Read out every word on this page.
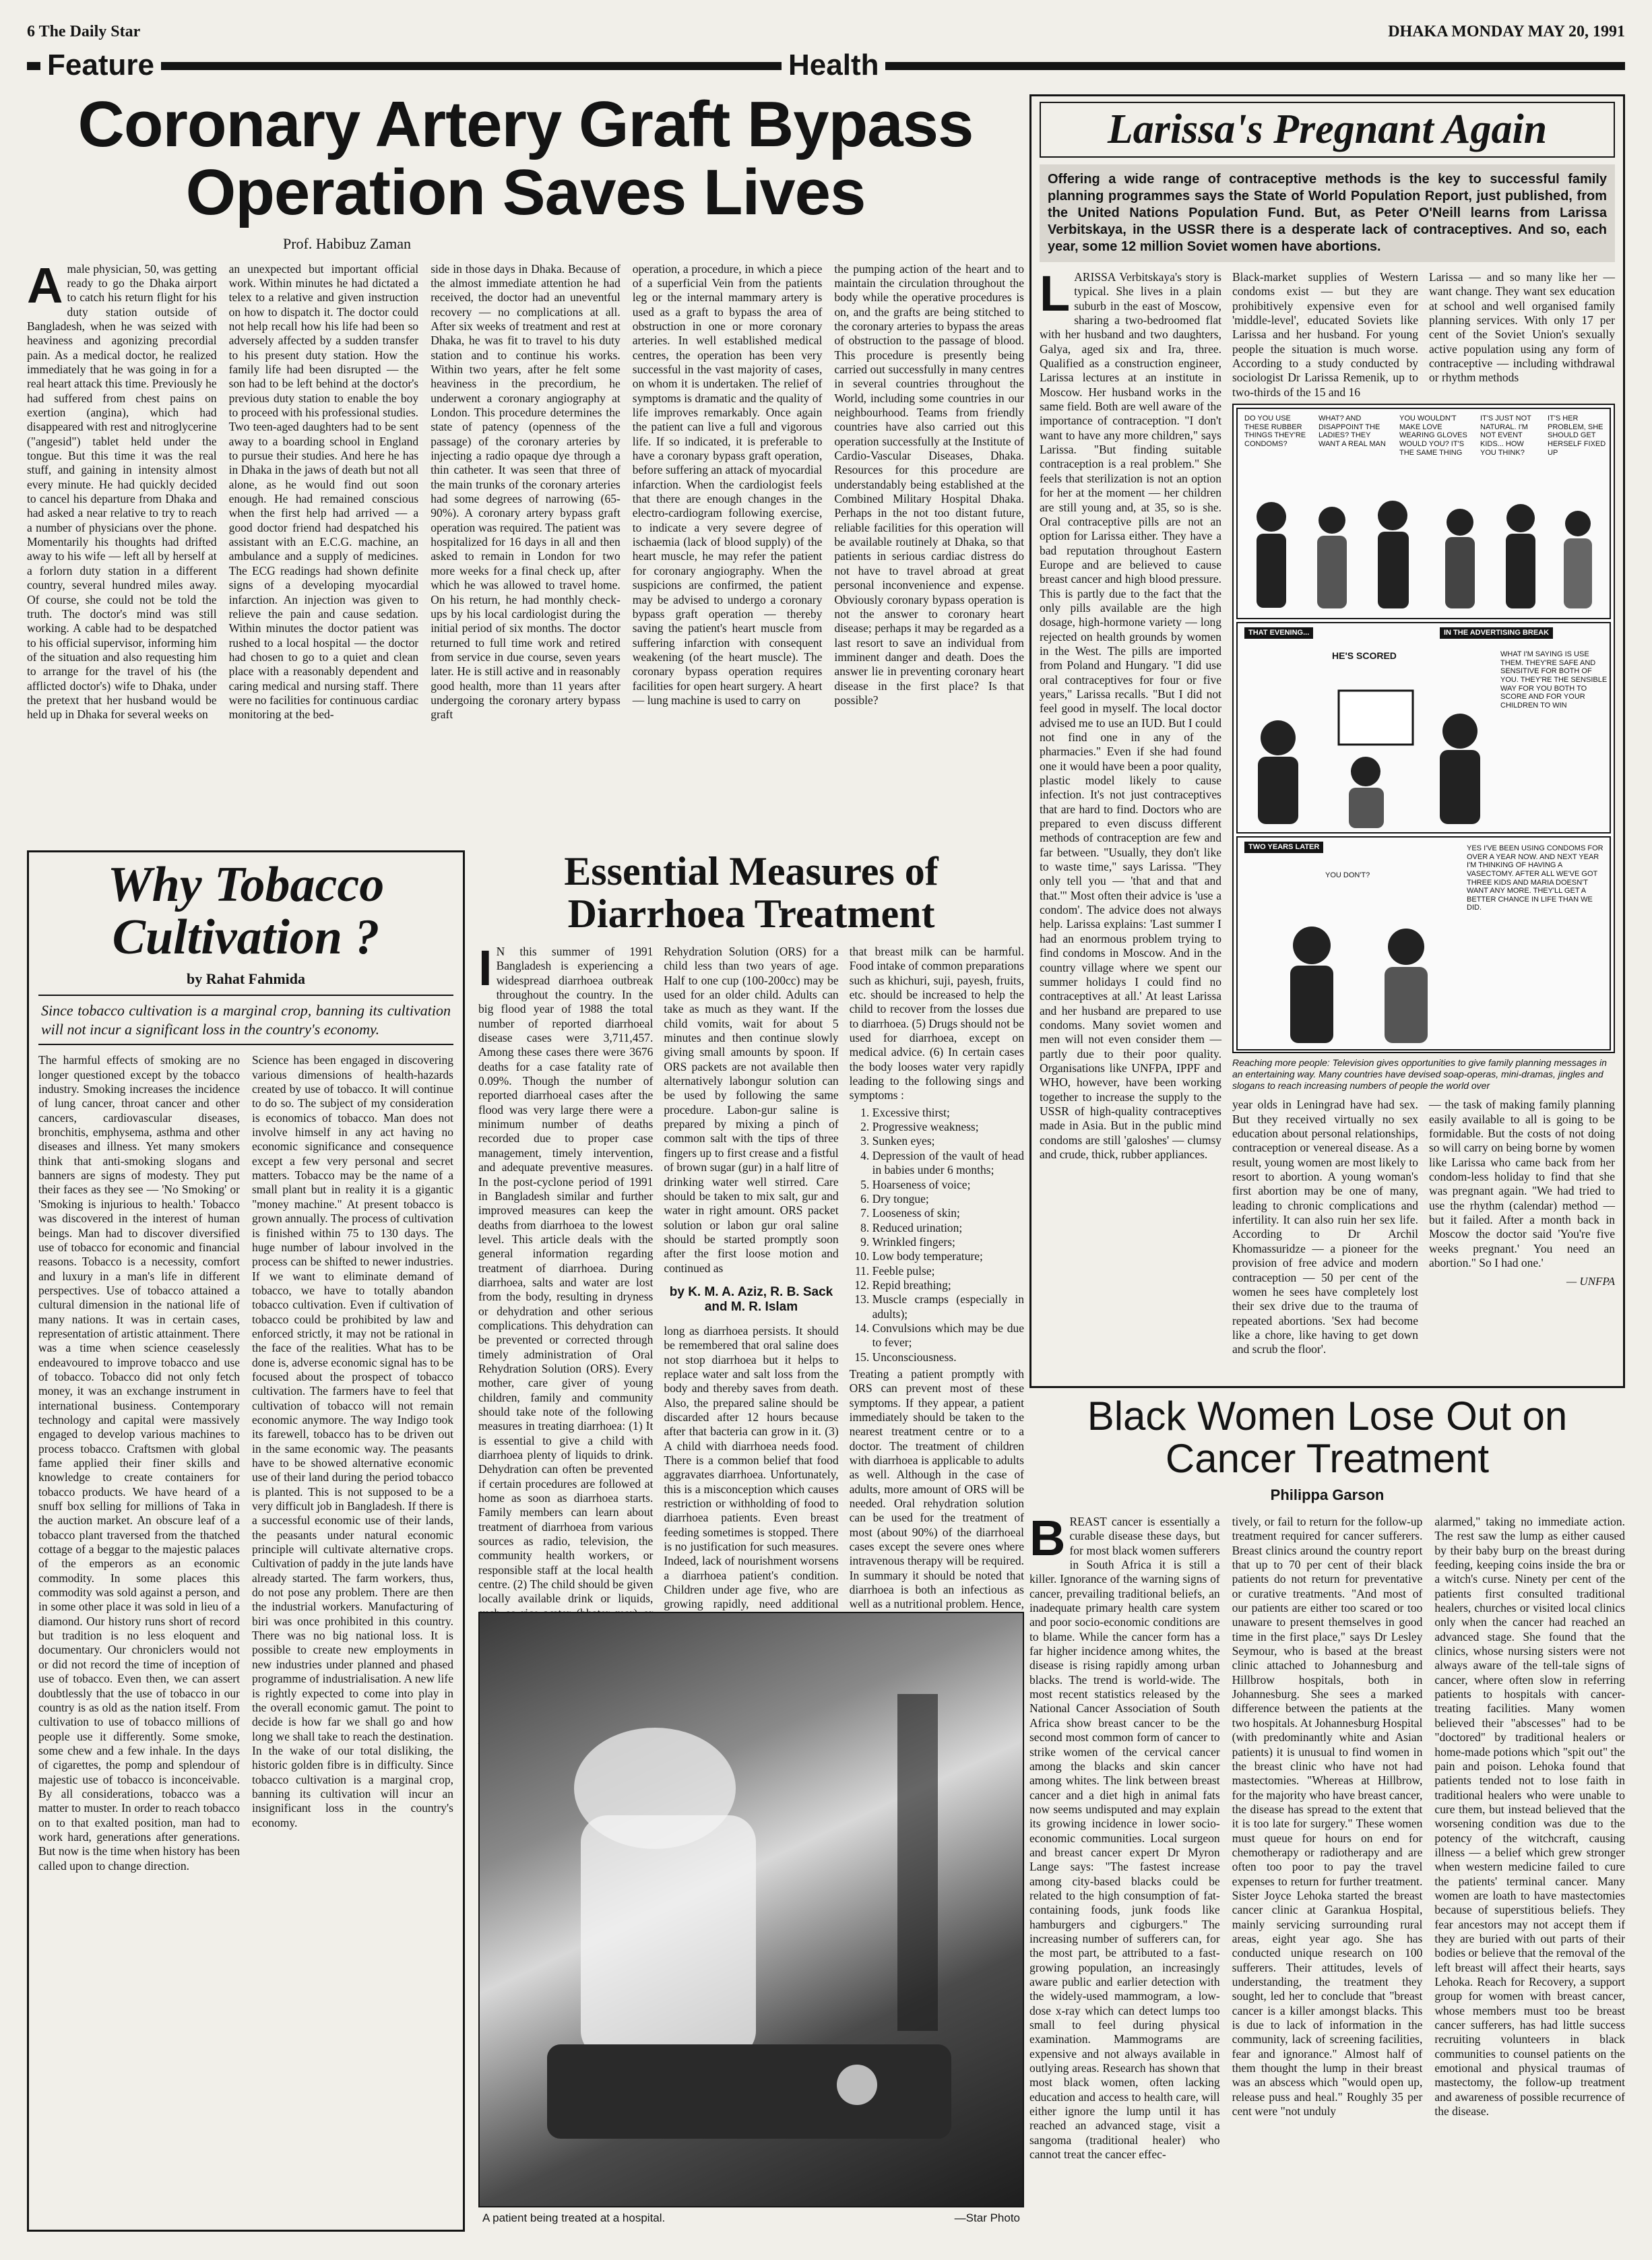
6 The Daily Star	DHAKA MONDAY MAY 20, 1991
Feature	Health
Coronary Artery Graft Bypass
Operation Saves Lives
Prof. Habibuz Zaman
Amale physician, 50, was getting ready to go the Dhaka airport to catch his return flight for his duty station outside of Bangladesh, when he was seized with heaviness and agonizing precordial pain. As a medical doctor, he realized immediately that he was going in for a real heart attack this time. Previously he had suffered from chest pains on exertion (angina), which had disappeared with rest and nitroglycerine ("angesid") tablet held under the tongue. But this time it was the real stuff, and gaining in intensity almost every minute. He had quickly decided to cancel his departure from Dhaka and had asked a near relative to try to reach a number of physicians over the phone. Momentarily his thoughts had drifted away to his wife — left all by herself at a forlorn duty station in a different country, several hundred miles away. Of course, she could not be told the truth. The doctor's mind was still working. A cable had to be despatched to his official supervisor, informing him of the situation and also requesting him to arrange for the travel of his (the afflicted doctor's) wife to Dhaka, under the pretext that her husband would be held up in Dhaka for several weeks on
an unexpected but important official work. Within minutes he had dictated a telex to a relative and given instruction on how to dispatch it. The doctor could not help recall how his life had been so adversely affected by a sudden transfer to his present duty station. How the family life had been disrupted — the son had to be left behind at the doctor's previous duty station to enable the boy to proceed with his professional studies. Two teen-aged daughters had to be sent away to a boarding school in England to pursue their studies. And here he has in Dhaka in the jaws of death but not all alone, as he would find out soon enough. He had remained conscious when the first help had arrived — a good doctor friend had despatched his assistant with an E.C.G. machine, an ambulance and a supply of medicines. The ECG readings had shown definite signs of a developing myocardial infarction. An injection was given to relieve the pain and cause sedation. Within minutes the doctor patient was rushed to a local hospital — the doctor had chosen to go to a quiet and clean place with a reasonably dependent and caring medical and nursing staff. There were no facilities for continuous cardiac monitoring at the bed-
side in those days in Dhaka. Because of the almost immediate attention he had received, the doctor had an uneventful recovery — no complications at all. After six weeks of treatment and rest at Dhaka, he was fit to travel to his duty station and to continue his works. Within two years, after he felt some heaviness in the precordium, he underwent a coronary angiography at London. This procedure determines the state of patency (openness of the passage) of the coronary arteries by injecting a radio opaque dye through a thin catheter. It was seen that three of the main trunks of the coronary arteries had some degrees of narrowing (65-90%). A coronary artery bypass graft operation was required. The patient was hospitalized for 16 days in all and then asked to remain in London for two more weeks for a final check up, after which he was allowed to travel home. On his return, he had monthly check-ups by his local cardiologist during the initial period of six months. The doctor returned to full time work and retired from service in due course, seven years later. He is still active and in reasonably good health, more than 11 years after undergoing the coronary artery bypass graft
operation, a procedure, in which a piece of a superficial Vein from the patients leg or the internal mammary artery is used as a graft to bypass the area of obstruction in one or more coronary arteries. In well established medical centres, the operation has been very successful in the vast majority of cases, on whom it is undertaken. The relief of symptoms is dramatic and the quality of life improves remarkably. Once again the patient can live a full and vigorous life. If so indicated, it is preferable to have a coronary bypass graft operation, before suffering an attack of myocardial infarction. When the cardiologist feels that there are enough changes in the electro-cardiogram following exercise, to indicate a very severe degree of ischaemia (lack of blood supply) of the heart muscle, he may refer the patient for coronary angiography. When the suspicions are confirmed, the patient may be advised to undergo a coronary bypass graft operation — thereby saving the patient's heart muscle from suffering infarction with consequent weakening (of the heart muscle). The coronary bypass operation requires facilities for open heart surgery. A heart — lung machine is used to carry on
the pumping action of the heart and to maintain the circulation throughout the body while the operative procedures is on, and the grafts are being stitched to the coronary arteries to bypass the areas of obstruction to the passage of blood. This procedure is presently being carried out successfully in many centres in several countries throughout the World, including some countries in our neighbourhood. Teams from friendly countries have also carried out this operation successfully at the Institute of Cardio-Vascular Diseases, Dhaka. Resources for this procedure are understandably being established at the Combined Military Hospital Dhaka. Perhaps in the not too distant future, reliable facilities for this operation will be available routinely at Dhaka, so that patients in serious cardiac distress do not have to travel abroad at great personal inconvenience and expense. Obviously coronary bypass operation is not the answer to coronary heart disease; perhaps it may be regarded as a last resort to save an individual from imminent danger and death. Does the answer lie in preventing coronary heart disease in the first place? Is that possible?
Larissa's Pregnant Again
Offering a wide range of contraceptive methods is the key to successful family planning programmes says the State of World Population Report, just published, from the United Nations Population Fund. But, as Peter O'Neill learns from Larissa Verbitskaya, in the USSR there is a desperate lack of contraceptives. And so, each year, some 12 million Soviet women have abortions.
LARISSA Verbitskaya's story is typical. She lives in a plain suburb in the east of Moscow, sharing a two-bedroomed flat with her husband and two daughters, Galya, aged six and Ira, three. Qualified as a construction engineer, Larissa lectures at an institute in Moscow. Her husband works in the same field. Both are well aware of the importance of contraception. "I don't want to have any more children," says Larissa. "But finding suitable contraception is a real problem." She feels that sterilization is not an option for her at the moment — her children are still young and, at 35, so is she. Oral contraceptive pills are not an option for Larissa either. They have a bad reputation throughout Eastern Europe and are believed to cause breast cancer and high blood pressure. This is partly due to the fact that the only pills available are the high dosage, high-hormone variety — long rejected on health grounds by women in the West. The pills are imported from Poland and Hungary. "I did use oral contraceptives for four or five years," Larissa recalls. "But I did not feel good in myself. The local doctor advised me to use an IUD. But I could not find one in any of the pharmacies." Even if she had found one it would have been a poor quality, plastic model likely to cause infection. It's not just contraceptives that are hard to find. Doctors who are prepared to even discuss different methods of contraception are few and far between. "Usually, they don't like to waste time," says Larissa. "They only tell you — 'that and that and that.'" Most often their advice is 'use a condom'. The advice does not always help. Larissa explains: 'Last summer I had an enormous problem trying to find condoms in Moscow. And in the country village where we spent our summer holidays I could find no contraceptives at all.' At least Larissa and her husband are prepared to use condoms. Many soviet women and men will not even consider them — partly due to their poor quality. Organisations like UNFPA, IPPF and WHO, however, have been working together to increase the supply to the USSR of high-quality contraceptives made in Asia. But in the public mind condoms are still 'galoshes' — clumsy and crude, thick, rubber appliances.
Black-market supplies of Western condoms exist — but they are prohibitively expensive even for 'middle-level', educated Soviets like Larissa and her husband. For young people the situation is much worse. According to a study conducted by sociologist Dr Larissa Remenik, up to two-thirds of the 15 and 16
Larissa — and so many like her — want change. They want sex education at school and well organised family planning services. With only 17 per cent of the Soviet Union's sexually active population using any form of contraceptive — including withdrawal or rhythm methods
DO YOU USE THESE RUBBER THINGS THEY'RE CONDOMS?
WHAT? AND DISAPPOINT THE LADIES? THEY WANT A REAL MAN
YOU WOULDN'T MAKE LOVE WEARING GLOVES WOULD YOU? IT'S THE SAME THING
IT'S JUST NOT NATURAL. I'M NOT EVENT KIDS... HOW YOU THINK?
IT'S HER PROBLEM, SHE SHOULD GET HERSELF FIXED UP
THAT EVENING...	IN THE ADVERTISING BREAK
HE'S SCORED	WHAT I'M SAYING IS USE THEM. THEY'RE SAFE AND SENSITIVE FOR BOTH OF YOU. THEY'RE THE SENSIBLE WAY FOR YOU BOTH TO SCORE AND FOR YOUR CHILDREN TO WIN
TWO YEARS LATER
YOU DON'T?
YES I'VE BEEN USING CONDOMS FOR OVER A YEAR NOW. AND NEXT YEAR I'M THINKING OF HAVING A VASECTOMY. AFTER ALL WE'VE GOT THREE KIDS AND MARIA DOESN'T WANT ANY MORE. THEY'LL GET A BETTER CHANCE IN LIFE THAN WE DID.
Reaching more people: Television gives opportunities to give family planning messages in an entertaining way. Many countries have devised soap-operas, mini-dramas, jingles and slogans to reach increasing numbers of people the world over
year olds in Leningrad have had sex. But they received virtually no sex education about personal relationships, contraception or venereal disease. As a result, young women are most likely to resort to abortion. A young woman's first abortion may be one of many, leading to chronic complications and infertility. It can also ruin her sex life. According to Dr Archil Khomassuridze — a pioneer for the provision of free advice and modern contraception — 50 per cent of the women he sees have completely lost their sex drive due to the trauma of repeated abortions. 'Sex had become like a chore, like having to get down and scrub the floor'.
— the task of making family planning easily available to all is going to be formidable. But the costs of not doing so will carry on being borne by women like Larissa who came back from her condom-less holiday to find that she was pregnant again. "We had tried to use the rhythm (calendar) method — but it failed. After a month back in Moscow the doctor said 'You're five weeks pregnant.' You need an abortion." So I had one.'
— UNFPA
Why Tobacco
Cultivation ?
by Rahat Fahmida
Since tobacco cultivation is a marginal crop, banning its cultivation will not incur a significant loss in the country's economy.
The harmful effects of smoking are no longer questioned except by the tobacco industry. Smoking increases the incidence of lung cancer, throat cancer and other cancers, cardiovascular diseases, bronchitis, emphysema, asthma and other diseases and illness. Yet many smokers think that anti-smoking slogans and banners are signs of modesty. They put their faces as they see — 'No Smoking' or 'Smoking is injurious to health.' Tobacco was discovered in the interest of human beings. Man had to discover diversified use of tobacco for economic and financial reasons. Tobacco is a necessity, comfort and luxury in a man's life in different perspectives. Use of tobacco attained a cultural dimension in the national life of many nations. It was in certain cases, representation of artistic attainment. There was a time when science ceaselessly endeavoured to improve tobacco and use of tobacco. Tobacco did not only fetch money, it was an exchange instrument in international business. Contemporary technology and capital were massively engaged to develop various machines to process tobacco. Craftsmen with global fame applied their finer skills and knowledge to create containers for tobacco products. We have heard of a snuff box selling for millions of Taka in the auction market. An obscure leaf of a tobacco plant traversed from the thatched cottage of a beggar to the majestic palaces of the emperors as an economic commodity. In some places this commodity was sold against a person, and in some other place it was sold in lieu of a diamond. Our history runs short of record but tradition is no less eloquent and documentary. Our chroniclers would not or did not record the time of inception of use of tobacco. Even then, we can assert doubtlessly that the use of tobacco in our country is as old as the nation itself. From cultivation to use of tobacco millions of people use it differently. Some smoke, some chew and a few inhale. In the days of cigarettes, the pomp and splendour of majestic use of tobacco is inconceivable. By all considerations, tobacco was a matter to muster. In order to reach tobacco on to that exalted position, man had to work hard, generations after generations. But now is the time when history has been called upon to change direction.
Science has been engaged in discovering various dimensions of health-hazards created by use of tobacco. It will continue to do so. The subject of my consideration is economics of tobacco. Man does not involve himself in any act having no economic significance and consequence except a few very personal and secret matters. Tobacco may be the name of a small plant but in reality it is a gigantic "money machine." At present tobacco is grown annually. The process of cultivation is finished within 75 to 130 days. The huge number of labour involved in the process can be shifted to newer industries. If we want to eliminate demand of tobacco, we have to totally abandon tobacco cultivation. Even if cultivation of tobacco could be prohibited by law and enforced strictly, it may not be rational in the face of the realities. What has to be done is, adverse economic signal has to be focused about the prospect of tobacco cultivation. The farmers have to feel that cultivation of tobacco will not remain economic anymore. The way Indigo took its farewell, tobacco has to be driven out in the same economic way. The peasants have to be showed alternative economic use of their land during the period tobacco is planted. This is not supposed to be a very difficult job in Bangladesh. If there is a successful economic use of their lands, the peasants under natural economic principle will cultivate alternative crops. Cultivation of paddy in the jute lands have already started. The farm workers, thus, do not pose any problem. There are then the industrial workers. Manufacturing of biri was once prohibited in this country. There was no big national loss. It is possible to create new employments in new industries under planned and phased programme of industrialisation. A new life is rightly expected to come into play in the overall economic gamut. The point to decide is how far we shall go and how long we shall take to reach the destination. In the wake of our total disliking, the historic golden fibre is in difficulty. Since tobacco cultivation is a marginal crop, banning its cultivation will incur an insignificant loss in the country's economy.
Essential Measures of
Diarrhoea Treatment
I N this summer of 1991 Bangladesh is experiencing a widespread diarrhoea outbreak throughout the country. In the big flood year of 1988 the total number of reported diarrhoeal disease cases were 3,711,457. Among these cases there were 3676 deaths for a case fatality rate of 0.09%. Though the number of reported diarrhoeal cases after the flood was very large there were a minimum number of deaths recorded due to proper case management, timely intervention, and adequate preventive measures. In the post-cyclone period of 1991 in Bangladesh similar and further improved measures can keep the deaths from diarrhoea to the lowest level. This article deals with the general information regarding treatment of diarrhoea. During diarrhoea, salts and water are lost from the body, resulting in dryness or dehydration and other serious complications. This dehydration can be prevented or corrected through timely administration of Oral Rehydration Solution (ORS). Every mother, care giver of young children, family and community should take note of the following measures in treating diarrhoea: (1) It is essential to give a child with diarrhoea plenty of liquids to drink. Dehydration can often be prevented if certain procedures are followed at home as soon as diarrhoea starts. Family members can learn about treatment of diarrhoea from various sources as radio, television, the community health workers, or responsible staff at the local health centre. (2) The child should be given locally available drink or liquids,
Rehydration Solution (ORS) for a child less than two years of age. Half to one cup (100-200cc) may be used for an older child. Adults can take as much as they want. If the child vomits, wait for about 5 minutes and then continue slowly giving small amounts by spoon. If ORS packets are not available then alternatively labongur solution can be used by following the same procedure. Labon-gur saline is prepared by mixing a pinch of common salt with the tips of three fingers up to first crease and a fistful of brown sugar (gur) in a half litre of drinking water well stirred. Care should be taken to mix salt, gur and water in right amount. ORS packet solution or labon gur oral saline should be started promptly soon after the first loose motion and continued as
by K. M. A. Aziz, R. B. Sack and M. R. Islam
long as diarrhoea persists. It should be remembered that oral saline does not stop diarrhoea but it helps to replace water and salt loss from the body and thereby saves from death. Also, the prepared saline should be discarded after 12 hours because after that bacteria can grow in it. (3) A child with diarrhoea needs food. There is a common belief that food aggravates diarrhoea. Unfortunately, this is a misconception which causes restriction or withholding of food to diarrhoea patients. Even breast feeding sometimes is stopped. There is no justification for such measures. Indeed, lack of nourishment worsens a diarrhoea patient's condition. Children under age five, who are growing rapidly, need additional
that breast milk can be harmful. Food intake of common preparations such as khichuri, suji, payesh, fruits, etc. should be increased to help the child to recover from the losses due to diarrhoea. (5) Drugs should not be used for diarrhoea, except on medical advice. (6) In certain cases the body looses water very rapidly leading to the following sings and symptoms :
1. Excessive thirst;
2. Progressive weakness;
3. Sunken eyes;
4. Depression of the vault of head in babies under 6 months;
5. Hoarseness of voice;
6. Dry tongue;
7. Looseness of skin;
8. Reduced urination;
9. Wrinkled fingers;
10. Low body temperature;
11. Feeble pulse;
12. Repid breathing;
13. Muscle cramps (especially in adults);
14. Convulsions which may be due to fever;
15. Unconsciousness.
Treating a patient promptly with ORS can prevent most of these symptoms. If they appear, a patient immediately should be taken to the nearest treatment centre or to a doctor. The treatment of children with diarrhoea is applicable to adults as well. Although in the case of adults, more amount of ORS will be needed. Oral rehydration solution can be used for the treatment of most (about 90%) of the diarrhoeal cases except the severe ones where intravenous therapy will be required. In summary it should be noted that diarrhoea is both an infectious as well as a nutritional problem. Hence,
A patient being treated at a hospital.	—Star Photo
Black Women Lose Out on
Cancer Treatment
Philippa Garson
BREAST cancer is essentially a curable disease these days, but for most black women sufferers in South Africa it is still a killer. Ignorance of the warning signs of cancer, prevailing traditional beliefs, an inadequate primary health care system and poor socio-economic conditions are to blame. While the cancer form has a far higher incidence among whites, the disease is rising rapidly among urban blacks. The trend is world-wide. The most recent statistics released by the National Cancer Association of South Africa show breast cancer to be the second most common form of cancer to strike women of the cervical cancer among the blacks and skin cancer among whites. The link between breast cancer and a diet high in animal fats now seems undisputed and may explain its growing incidence in lower socio-economic communities. Local surgeon and breast cancer expert Dr Myron Lange says: "The fastest increase among city-based blacks could be related to the high consumption of fat-containing foods, junk foods like hamburgers and cigburgers." The increasing number of sufferers can, for the most part, be attributed to a fast-growing population, an increasingly aware public and earlier detection with the widely-used mammogram, a low-dose x-ray which can detect lumps too small to feel during physical examination. Mammograms are expensive and not always available in outlying areas. Research has shown that most black women, often lacking education and access to health care, will either ignore the lump until it has reached an advanced stage, visit a sangoma (traditional healer) who cannot treat the cancer effec-
tively, or fail to return for the follow-up treatment required for cancer sufferers. Breast clinics around the country report that up to 70 per cent of their black patients do not return for preventative or curative treatments. "And most of our patients are either too scared or too unaware to present themselves in good time in the first place," says Dr Lesley Seymour, who is based at the breast clinic attached to Johannesburg and Hillbrow hospitals, both in Johannesburg. She sees a marked difference between the patients at the two hospitals. At Johannesburg Hospital (with predominantly white and Asian patients) it is unusual to find women in the breast clinic who have not had mastectomies. "Whereas at Hillbrow, for the majority who have breast cancer, the disease has spread to the extent that it is too late for surgery." These women must queue for hours on end for chemotherapy or radiotherapy and are often too poor to pay the travel expenses to return for further treatment. Sister Joyce Lehoka started the breast cancer clinic at Garankua Hospital, mainly servicing surrounding rural areas, eight year ago. She has conducted unique research on 100 sufferers. Their attitudes, levels of understanding, the treatment they sought, led her to conclude that "breast cancer is a killer amongst blacks. This is due to lack of information in the community, lack of screening facilities, fear and ignorance." Almost half of them thought the lump in their breast was an abscess which "would open up, release puss and heal." Roughly 35 per cent were "not unduly
alarmed," taking no immediate action. The rest saw the lump as either caused by their baby burp on the breast during feeding, keeping coins inside the bra or a witch's curse. Ninety per cent of the patients first consulted traditional healers, churches or visited local clinics only when the cancer had reached an advanced stage. She found that the clinics, whose nursing sisters were not always aware of the tell-tale signs of cancer, where often slow in referring patients to hospitals with cancer-treating facilities. Many women believed their "abscesses" had to be "doctored" by traditional healers or home-made potions which "spit out" the pain and poison. Lehoka found that patients tended not to lose faith in traditional healers who were unable to cure them, but instead believed that the worsening condition was due to the potency of the witchcraft, causing illness — a belief which grew stronger when western medicine failed to cure the patients' terminal cancer. Many women are loath to have mastectomies because of superstitious beliefs. They fear ancestors may not accept them if they are buried with out parts of their bodies or believe that the removal of the left breast will affect their hearts, says Lehoka. Reach for Recovery, a support group for women with breast cancer, whose members must too be breast cancer sufferers, has had little success recruiting volunteers in black communities to counsel patients on the emotional and physical traumas of mastectomy, the follow-up treatment and awareness of possible recurrence of the disease.
